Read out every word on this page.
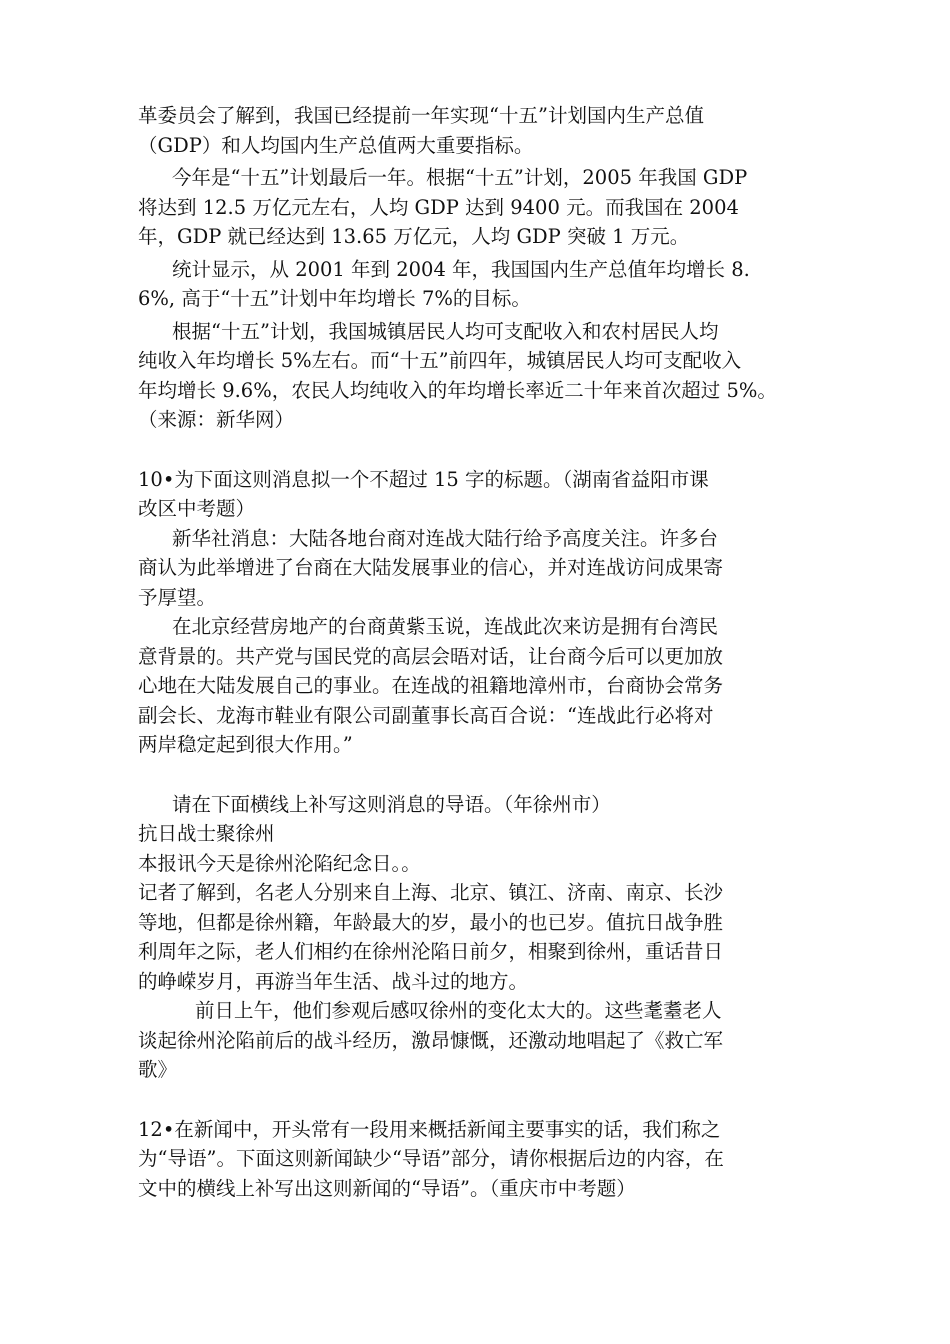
革委员会了解到，我国已经提前一年实现“十五”计划国内生产总值
（GDP）和人均国内生产总值两大重要指标。
今年是“十五”计划最后一年。根据“十五”计划，2005 年我国 GDP
将达到 12.5 万亿元左右，人均 GDP 达到 9400 元。而我国在 2004
年，GDP 就已经达到 13.65 万亿元，人均 GDP 突破 1 万元。
统计显示，从 2001 年到 2004 年，我国国内生产总值年均增长 8.
6%, 高于“十五”计划中年均增长 7%的目标。
根据“十五”计划，我国城镇居民人均可支配收入和农村居民人均
纯收入年均增长 5%左右。而“十五”前四年，城镇居民人均可支配收入
年均增长 9.6%，农民人均纯收入的年均增长率近二十年来首次超过 5%。
（来源：新华网）
10•为下面这则消息拟一个不超过 15 字的标题。（湖南省益阳市课
改区中考题）
新华社消息：大陆各地台商对连战大陆行给予高度关注。许多台
商认为此举增进了台商在大陆发展事业的信心，并对连战访问成果寄
予厚望。
在北京经营房地产的台商黄紫玉说，连战此次来访是拥有台湾民
意背景的。共产党与国民党的高层会晤对话，让台商今后可以更加放
心地在大陆发展自己的事业。在连战的祖籍地漳州市，台商协会常务
副会长、龙海市鞋业有限公司副董事长高百合说：“连战此行必将对
两岸稳定起到很大作用。”
请在下面横线上补写这则消息的导语。（年徐州市）
抗日战士聚徐州
本报讯今天是徐州沦陷纪念日。。
记者了解到，名老人分别来自上海、北京、镇江、济南、南京、长沙
等地，但都是徐州籍，年龄最大的岁，最小的也已岁。值抗日战争胜
利周年之际，老人们相约在徐州沦陷日前夕，相聚到徐州，重话昔日
的峥嵘岁月，再游当年生活、战斗过的地方。
前日上午，他们参观后感叹徐州的变化太大的。这些耄耋老人
谈起徐州沦陷前后的战斗经历，激昂慷慨，还激动地唱起了《救亡军
歌》
12•在新闻中，开头常有一段用来概括新闻主要事实的话，我们称之
为“导语”。下面这则新闻缺少“导语”部分，请你根据后边的内容，在
文中的横线上补写出这则新闻的“导语”。（重庆市中考题）
